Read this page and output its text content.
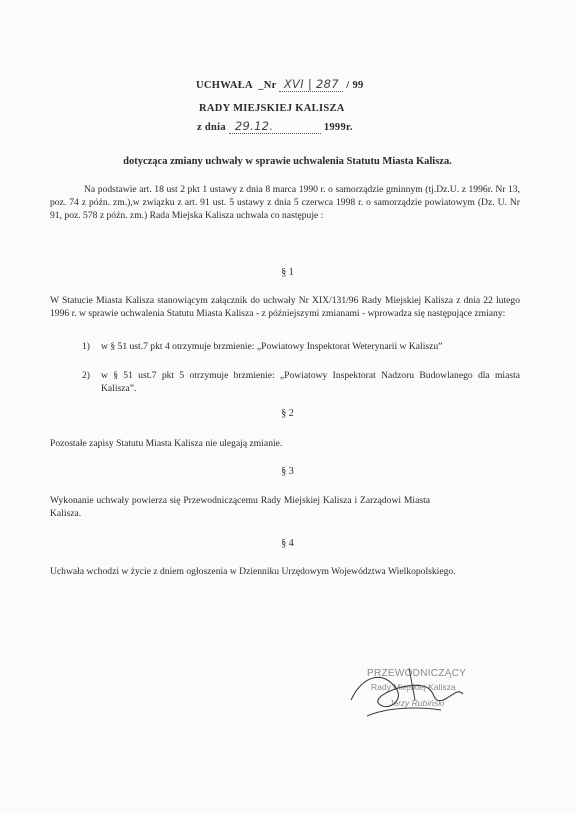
UCHWAŁA  _Nr XVI | 287 / 99
RADY MIEJSKIEJ KALISZA
z dnia 29.12.	1999r.
dotycząca zmiany uchwały w sprawie uchwalenia Statutu Miasta Kalisza.
Na podstawie art. 18 ust 2 pkt 1 ustawy z dnia 8 marca 1990 r. o samorządzie gminnym (tj.Dz.U. z 1996r. Nr 13, poz. 74 z późn. zm.),w związku z art. 91 ust. 5 ustawy z dnia 5 czerwca 1998 r. o samorządzie powiatowym (Dz. U. Nr 91, poz. 578 z późn. zm.) Rada Miejska Kalisza uchwala co następuje :
§ 1
W Statucie Miasta Kalisza stanowiącym załącznik do uchwały Nr XIX/131/96 Rady Miejskiej Kalisza z dnia 22 lutego 1996 r. w sprawie uchwalenia Statutu Miasta Kalisza - z późniejszymi zmianami - wprowadza się następujące zmiany:
1) w § 51 ust.7 pkt 4 otrzymuje brzmienie: „Powiatowy Inspektorat Weterynarii w Kaliszu”
2) w § 51 ust.7 pkt 5 otrzymuje brzmienie: „Powiatowy Inspektorat Nadzoru Budowlanego dla miasta Kalisza”.
§ 2
Pozostałe zapisy Statutu Miasta Kalisza nie ulegają zmianie.
§ 3
Wykonanie uchwały powierza się Przewodniczącemu Rady Miejskiej Kalisza i Zarządowi Miasta Kalisza.
§ 4
Uchwała wchodzi w życie z dniem ogłoszenia w Dzienniku Urzędowym Województwa Wielkopolskiego.
PRZEWODNICZĄCY
Rady Miejskiej Kalisza
Jerzy Rubiński
